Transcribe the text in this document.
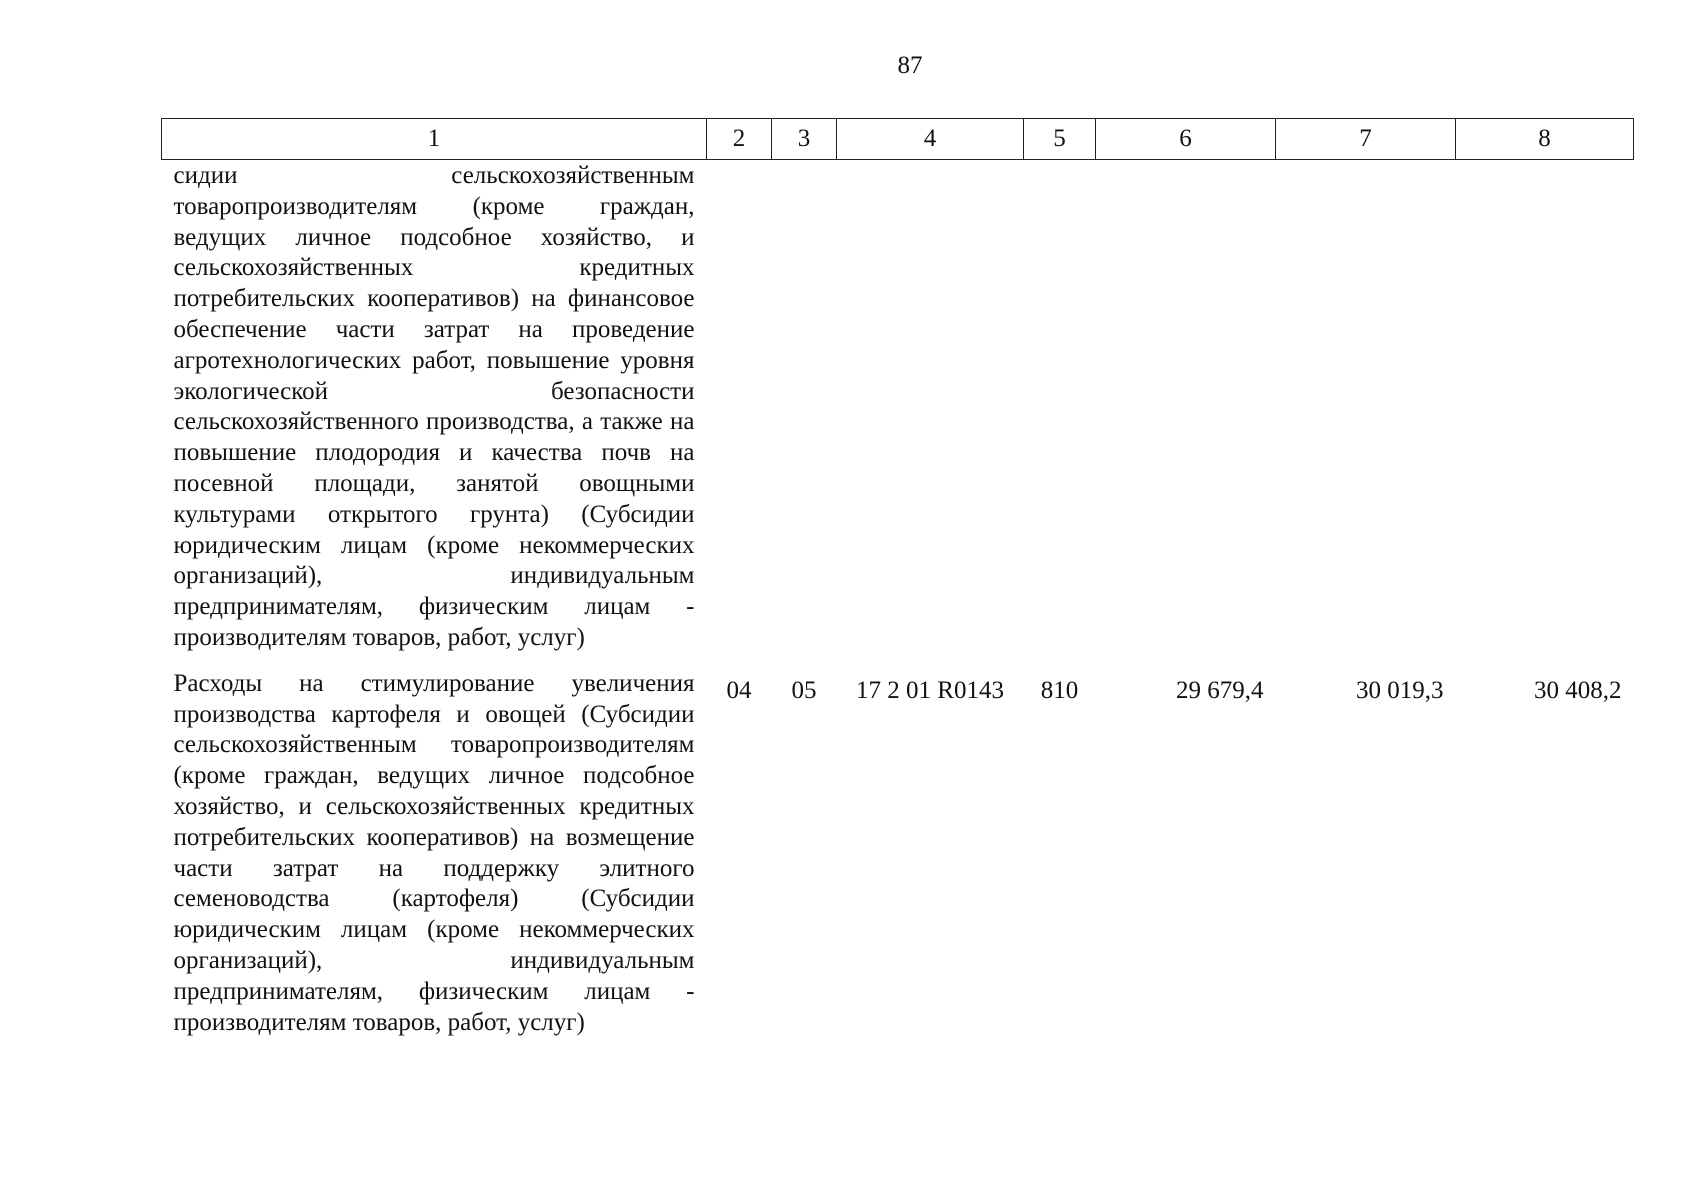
87
1	2	3	4	5	6	7	8
сидии сельскохозяйственным товаропроизводителям (кроме граждан, ведущих личное подсобное хозяйство, и сельскохозяйственных кредитных потребительских кооперативов) на финансовое обеспечение части затрат на проведение агротехнологических работ, повышение уровня экологической безопасности сельскохозяйственного производства, а также на повышение плодородия и качества почв на посевной площади, занятой овощными культурами открытого грунта) (Субсидии юридическим лицам (кроме некоммерческих организаций), индивидуальным предпринимателям, физическим лицам - производителям товаров, работ, услуг)							
Расходы на стимулирование увеличения производства картофеля и овощей (Субсидии сельскохозяйственным товаропроизводителям (кроме граждан, ведущих личное подсобное хозяйство, и сельскохозяйственных кредитных потребительских кооперативов) на возмещение части затрат на поддержку элитного семеноводства (картофеля) (Субсидии юридическим лицам (кроме некоммерческих организаций), индивидуальным предпринимателям, физическим лицам - производителям товаров, работ, услуг)	04	05	17 2 01 R0143	810	29 679,4	30 019,3	30 408,2
